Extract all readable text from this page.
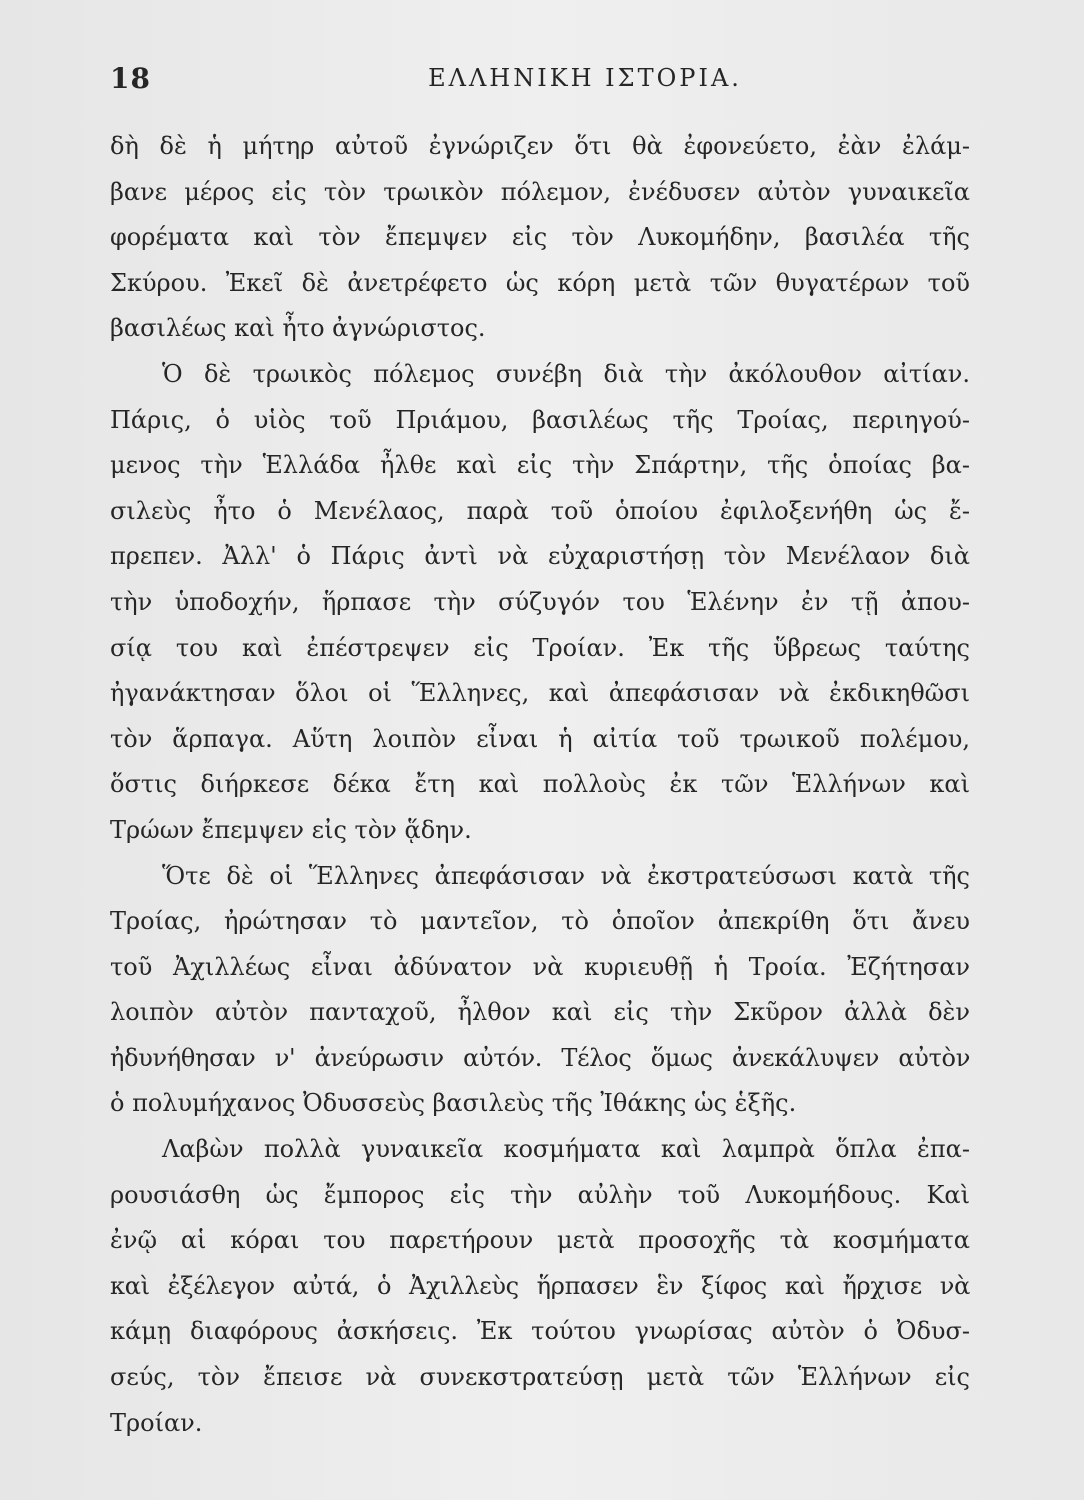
18	ΕΛΛΗΝΙΚΗ ΙΣΤΟΡΙΑ.
δὴ δὲ ἡ μήτηρ αὐτοῦ ἐγνώριζεν ὅτι θὰ ἐφονεύετο, ἐὰν ἐλάμ-
βανε μέρος εἰς τὸν τρωικὸν πόλεμον, ἐνέδυσεν αὐτὸν γυναικεῖα
φορέματα καὶ τὸν ἔπεμψεν εἰς τὸν Λυκομήδην, βασιλέα τῆς
Σκύρου. Ἐκεῖ δὲ ἀνετρέφετο ὡς κόρη μετὰ τῶν θυγατέρων τοῦ
βασιλέως καὶ ἦτο ἀγνώριστος.
Ὁ δὲ τρωικὸς πόλεμος συνέβη διὰ τὴν ἀκόλουθον αἰτίαν.
Πάρις, ὁ υἱὸς τοῦ Πριάμου, βασιλέως τῆς Τροίας, περιηγού-
μενος τὴν Ἑλλάδα ἦλθε καὶ εἰς τὴν Σπάρτην, τῆς ὁποίας βα-
σιλεὺς ἦτο ὁ Μενέλαος, παρὰ τοῦ ὁποίου ἐφιλοξενήθη ὡς ἔ-
πρεπεν. Ἀλλ' ὁ Πάρις ἀντὶ νὰ εὐχαριστήσῃ τὸν Μενέλαον διὰ
τὴν ὑποδοχήν, ἥρπασε τὴν σύζυγόν του Ἑλένην ἐν τῇ ἀπου-
σίᾳ του καὶ ἐπέστρεψεν εἰς Τροίαν. Ἐκ τῆς ὕβρεως ταύτης
ἠγανάκτησαν ὅλοι οἱ Ἕλληνες, καὶ ἀπεφάσισαν νὰ ἐκδικηθῶσι
τὸν ἅρπαγα. Αὕτη λοιπὸν εἶναι ἡ αἰτία τοῦ τρωικοῦ πολέμου,
ὅστις διήρκεσε δέκα ἔτη καὶ πολλοὺς ἐκ τῶν Ἑλλήνων καὶ
Τρώων ἔπεμψεν εἰς τὸν ᾅδην.
Ὅτε δὲ οἱ Ἕλληνες ἀπεφάσισαν νὰ ἐκστρατεύσωσι κατὰ τῆς
Τροίας, ἠρώτησαν τὸ μαντεῖον, τὸ ὁποῖον ἀπεκρίθη ὅτι ἄνευ
τοῦ Ἀχιλλέως εἶναι ἀδύνατον νὰ κυριευθῇ ἡ Τροία. Ἐζήτησαν
λοιπὸν αὐτὸν πανταχοῦ, ἦλθον καὶ εἰς τὴν Σκῦρον ἀλλὰ δὲν
ἠδυνήθησαν ν' ἀνεύρωσιν αὐτόν. Τέλος ὅμως ἀνεκάλυψεν αὐτὸν
ὁ πολυμήχανος Ὀδυσσεὺς βασιλεὺς τῆς Ἰθάκης ὡς ἑξῆς.
Λαβὼν πολλὰ γυναικεῖα κοσμήματα καὶ λαμπρὰ ὅπλα ἐπα-
ρουσιάσθη ὡς ἔμπορος εἰς τὴν αὐλὴν τοῦ Λυκομήδους. Καὶ
ἐνῷ αἱ κόραι του παρετήρουν μετὰ προσοχῆς τὰ κοσμήματα
καὶ ἐξέλεγον αὐτά, ὁ Ἀχιλλεὺς ἥρπασεν ἓν ξίφος καὶ ἤρχισε νὰ
κάμῃ διαφόρους ἀσκήσεις. Ἐκ τούτου γνωρίσας αὐτὸν ὁ Ὀδυσ-
σεύς, τὸν ἔπεισε νὰ συνεκστρατεύσῃ μετὰ τῶν Ἑλλήνων εἰς
Τροίαν.
